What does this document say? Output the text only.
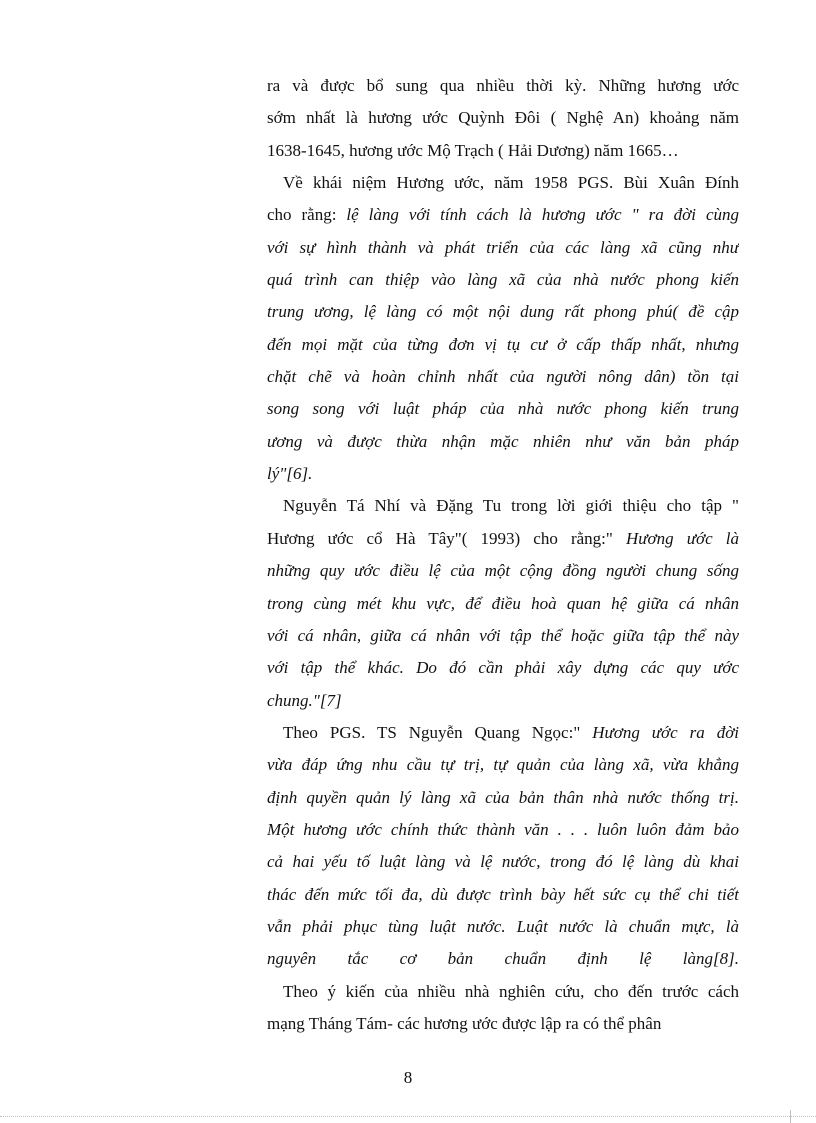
ra và được bổ sung qua nhiều thời kỳ. Những hương ước
sớm nhất là hương ước Quỳnh Đôi ( Nghệ An) khoảng năm
1638-1645, hương ước Mộ Trạch ( Hải Dương) năm 1665…
Về khái niệm Hương ước, năm 1958 PGS. Bùi Xuân Đính
cho rằng: lệ làng với tính cách là hương ước " ra đời cùng
với sự hình thành và phát triển của các làng xã cũng như
quá trình can thiệp vào làng xã của nhà nước phong kiến
trung ương, lệ làng có một nội dung rất phong phú( đề cập
đến mọi mặt của từng đơn vị tụ cư ở cấp thấp nhất, nhưng
chặt chẽ và hoàn chỉnh nhất của người nông dân) tồn tại
song song với luật pháp của nhà nước phong kiến trung
ương và được thừa nhận mặc nhiên như văn bản pháp
lý"[6].
Nguyễn Tá Nhí và Đặng Tu trong lời giới thiệu cho tập "
Hương ước cổ Hà Tây"( 1993) cho rằng:" Hương ước là
những quy ước điều lệ của một cộng đồng người chung sống
trong cùng mét khu vực, để điều hoà quan hệ giữa cá nhân
với cá nhân, giữa cá nhân với tập thể hoặc giữa tập thể này
với tập thể khác. Do đó cần phải xây dựng các quy ước
chung."[7]
Theo PGS. TS Nguyễn Quang Ngọc:" Hương ước ra đời
vừa đáp ứng nhu cầu tự trị, tự quản của làng xã, vừa khẳng
định quyền quản lý làng xã của bản thân nhà nước thống trị.
Một hương ước chính thức thành văn . . . luôn luôn đảm bảo
cả hai yếu tố luật làng và lệ nước, trong đó lệ làng dù khai
thác đến mức tối đa, dù được trình bày hết sức cụ thể chi tiết
vẫn phải phục tùng luật nước. Luật nước là chuẩn mực, là
nguyên tắc cơ bản chuẩn định lệ làng[8].
Theo ý kiến của nhiều nhà nghiên cứu, cho đến trước cách
mạng Tháng Tám- các hương ước được lập ra có thể phân
8
